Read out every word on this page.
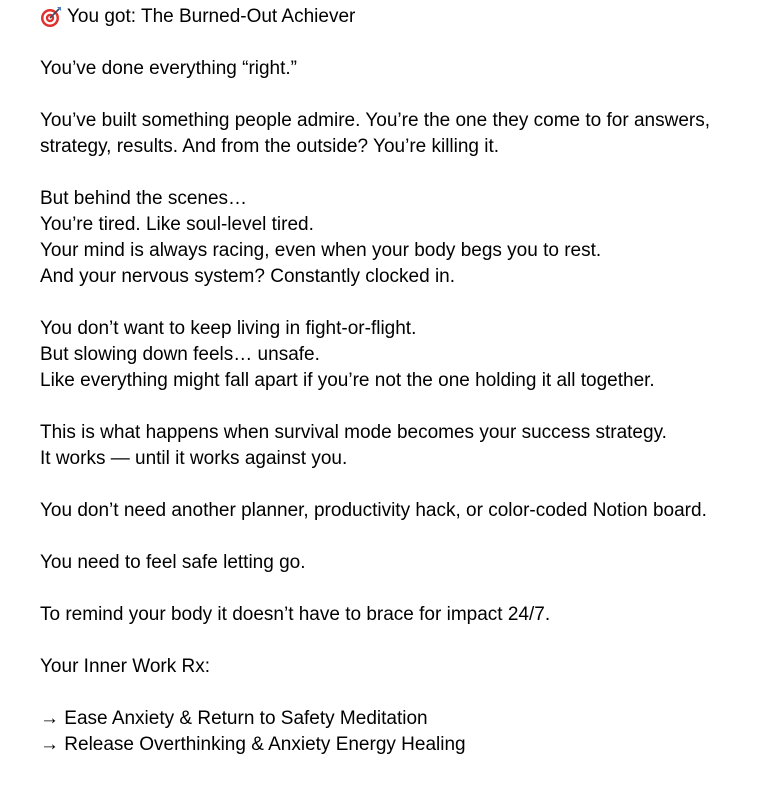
You got: The Burned-Out Achiever

You’ve done everything “right.”

You’ve built something people admire. You’re the one they come to for answers, strategy, results. And from the outside? You’re killing it.

But behind the scenes…
You’re tired. Like soul-level tired.
Your mind is always racing, even when your body begs you to rest.
And your nervous system? Constantly clocked in.

You don’t want to keep living in fight-or-flight.
But slowing down feels… unsafe.
Like everything might fall apart if you’re not the one holding it all together.

This is what happens when survival mode becomes your success strategy.
It works — until it works against you.

You don’t need another planner, productivity hack, or color-coded Notion board.

You need to feel safe letting go.

To remind your body it doesn’t have to brace for impact 24/7.

Your Inner Work Rx:

→ Ease Anxiety & Return to Safety Meditation
→ Release Overthinking & Anxiety Energy Healing
